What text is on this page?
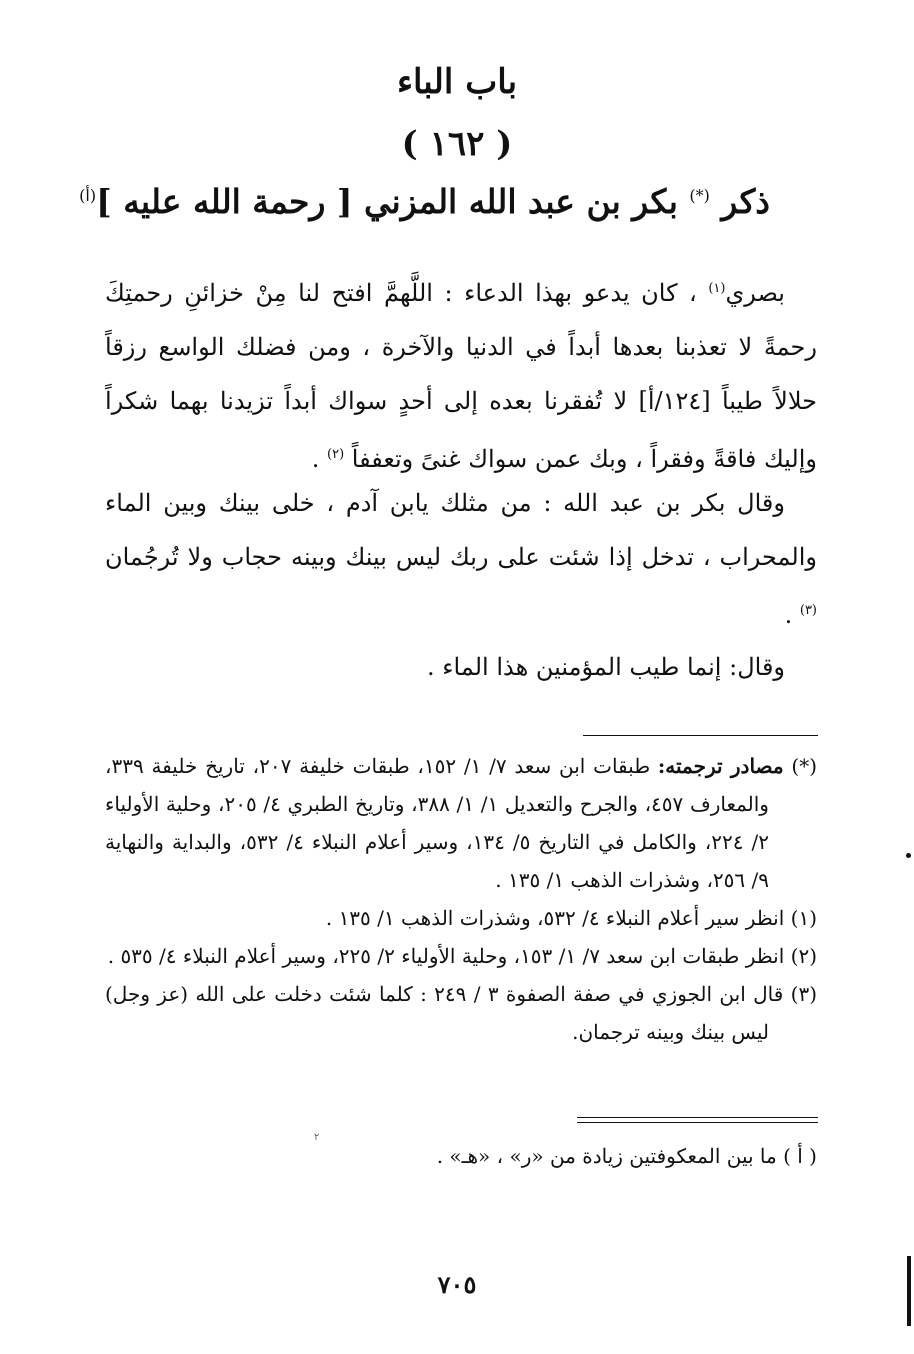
باب الباء
( ١٦٢ )
ذكر (*) بكر بن عبد الله المزني [ رحمة الله عليه ]$^{(أ)}$

بصري$^{(١)}$ ، كان يدعو بهذا الدعاء : اللَّهمَّ افتح لنا مِنْ خزائنِ رحمتِكَ رحمةً لا تعذبنا بعدها أبداً في الدنيا والآخرة ، ومن فضلك الواسع رزقاً حلالاً طيباً [١٢٤/أ] لا تُفقرنا بعده إلى أحدٍ سواك أبداً تزيدنا بهما شكراً وإليك فاقةً وفقراً ، وبك عمن سواك غنىً وتعففاً $^{(٢)}$ .

وقال بكر بن عبد الله : من مثلك يابن آدم ، خلى بينك وبين الماء والمحراب ، تدخل إذا شئت على ربك ليس بينك وبينه حجاب ولا تُرجُمان $^{(٣)}$ .

وقال: إنما طيب المؤمنين هذا الماء .

(*) مصادر ترجمته: طبقات ابن سعد ٧/ ١/ ١٥٢، طبقات خليفة ٢٠٧، تاريخ خليفة ٣٣٩، والمعارف ٤٥٧، والجرح والتعديل ١/ ١/ ٣٨٨، وتاريخ الطبري ٤/ ٢٠٥، وحلية الأولياء ٢/ ٢٢٤، والكامل في التاريخ ٥/ ١٣٤، وسير أعلام النبلاء ٤/ ٥٣٢، والبداية والنهاية ٩/ ٢٥٦، وشذرات الذهب ١/ ١٣٥ .

(١) انظر سير أعلام النبلاء ٤/ ٥٣٢، وشذرات الذهب ١/ ١٣٥ .

(٢) انظر طبقات ابن سعد ٧/ ١/ ١٥٣، وحلية الأولياء ٢/ ٢٢٥، وسير أعلام النبلاء ٤/ ٥٣٥ .

(٣) قال ابن الجوزي في صفة الصفوة ٣ / ٢٤٩ : كلما شئت دخلت على الله (عز وجل) ليس بينك وبينه ترجمان.

٢
( أ ) ما بين المعكوفتين زيادة من «ر» ، «هـ» .
٧٠٥
